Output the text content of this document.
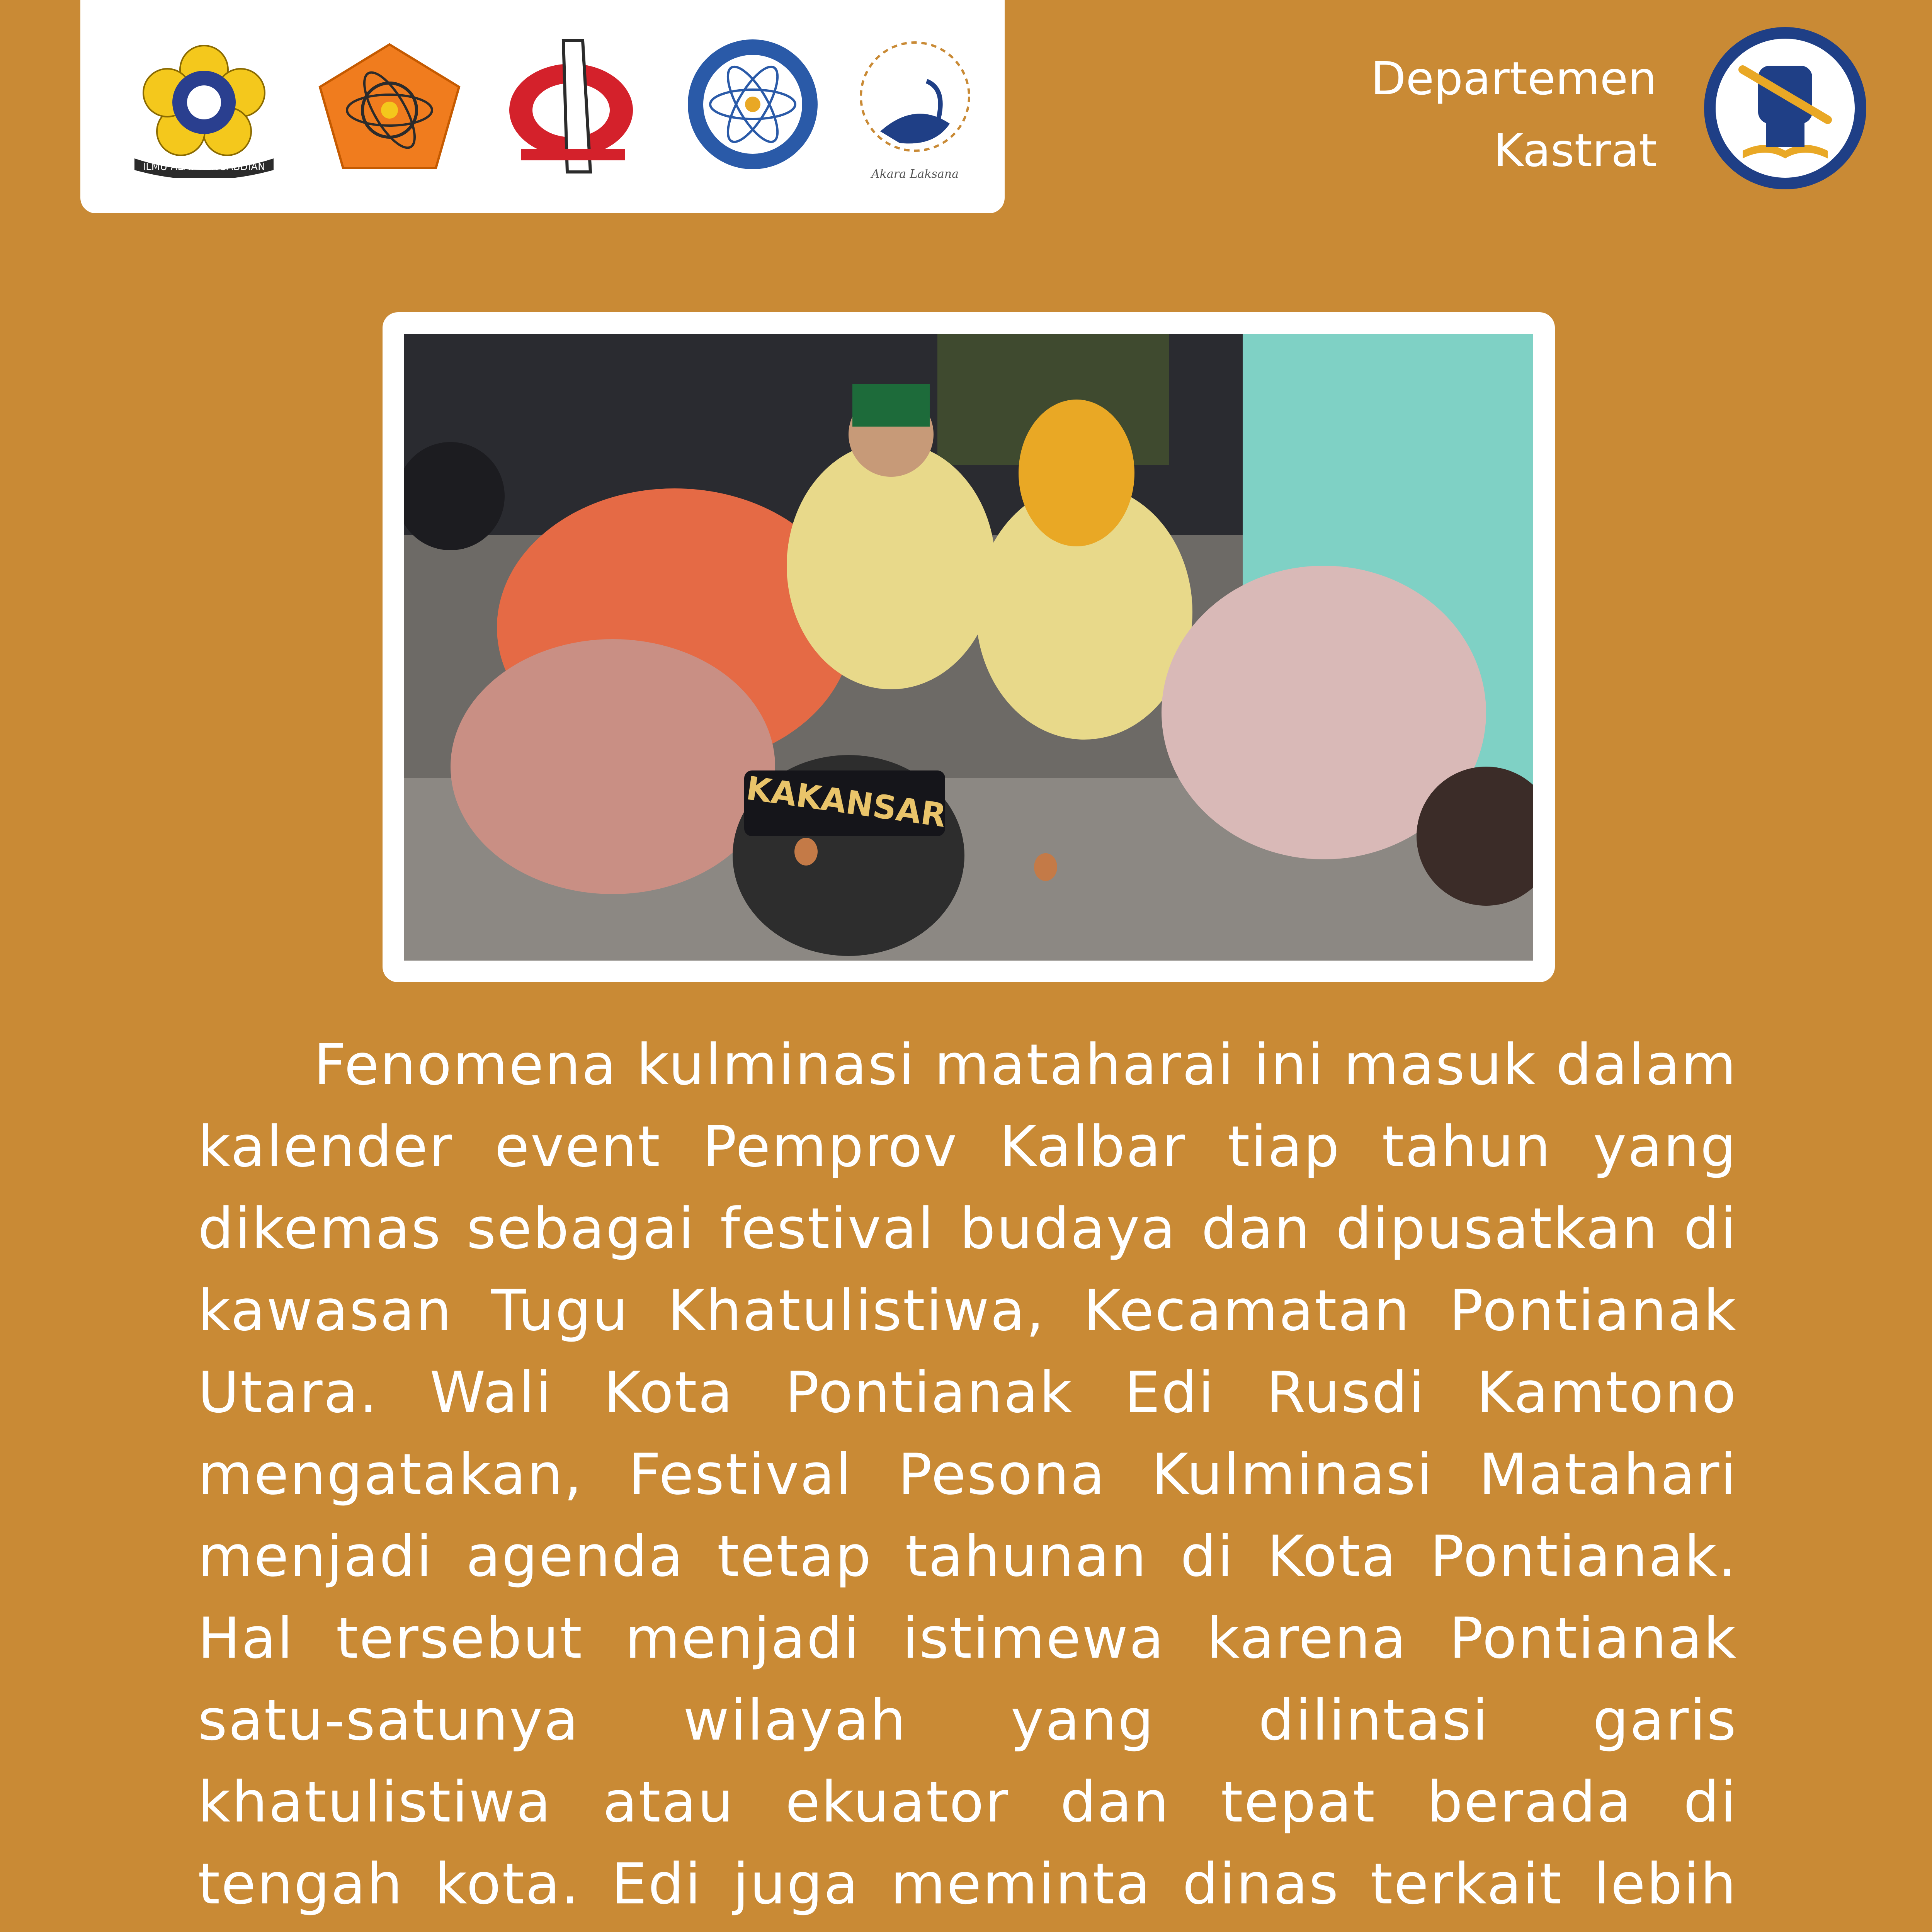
ILMU ALAT PENGABDIAN
Akara Laksana
Departemen
Kastrat
KAKANSAR

Fenomena kulminasi mataharai ini masuk dalam kalender event Pemprov Kalbar tiap tahun yang dikemas sebagai festival budaya dan dipusatkan di kawasan Tugu Khatulistiwa, Kecamatan Pontianak Utara. Wali Kota Pontianak Edi Rusdi Kamtono mengatakan, Festival Pesona Kulminasi Matahari menjadi agenda tetap tahunan di Kota Pontianak. Hal tersebut menjadi istimewa karena Pontianak satu-satunya wilayah yang dilintasi garis khatulistiwa atau ekuator dan tepat berada di tengah kota. Edi juga meminta dinas terkait lebih
